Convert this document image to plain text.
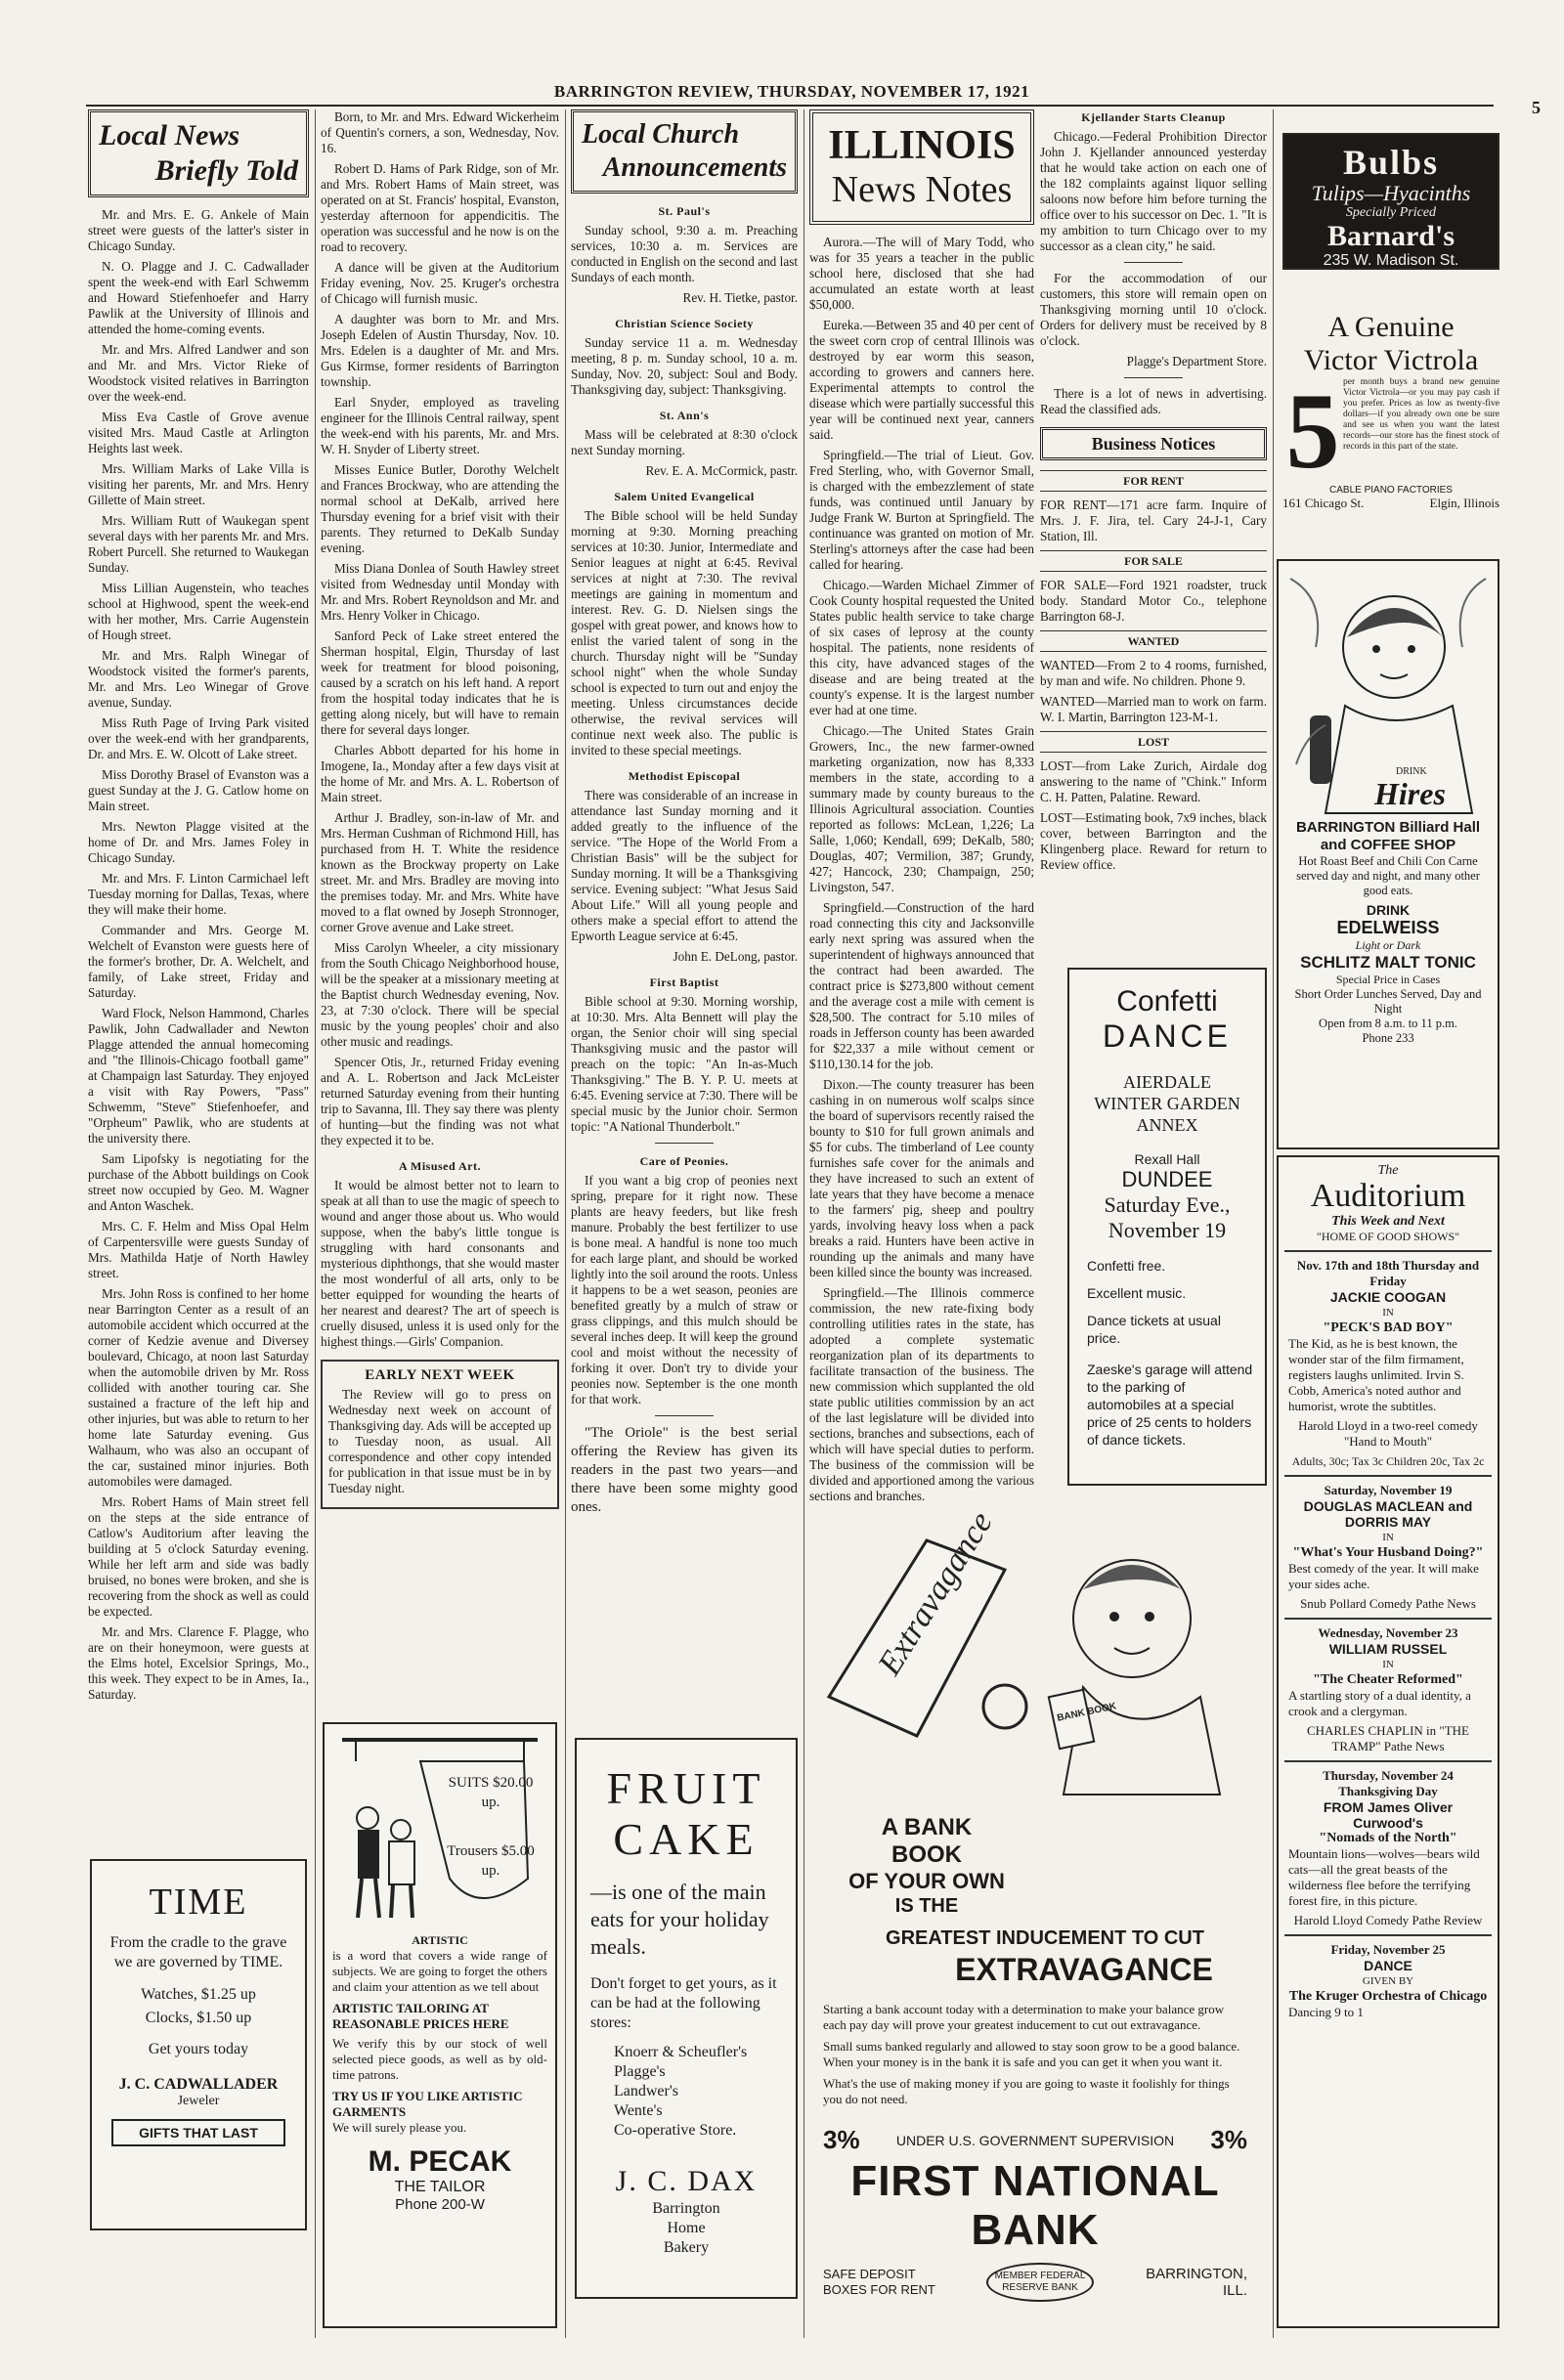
BARRINGTON REVIEW, THURSDAY, NOVEMBER 17, 1921
5
Local News
Briefly Told

Mr. and Mrs. E. G. Ankele of Main street were guests of the latter's sister in Chicago Sunday.

N. O. Plagge and J. C. Cadwallader spent the week-end with Earl Schwemm and Howard Stiefenhoefer and Harry Pawlik at the University of Illinois and attended the home-coming events.

Mr. and Mrs. Alfred Landwer and son and Mr. and Mrs. Victor Rieke of Woodstock visited relatives in Barrington over the week-end.

Miss Eva Castle of Grove avenue visited Mrs. Maud Castle at Arlington Heights last week.

Mrs. William Marks of Lake Villa is visiting her parents, Mr. and Mrs. Henry Gillette of Main street.

Mrs. William Rutt of Waukegan spent several days with her parents Mr. and Mrs. Robert Purcell. She returned to Waukegan Sunday.

Miss Lillian Augenstein, who teaches school at Highwood, spent the week-end with her mother, Mrs. Carrie Augenstein of Hough street.

Mr. and Mrs. Ralph Winegar of Woodstock visited the former's parents, Mr. and Mrs. Leo Winegar of Grove avenue, Sunday.

Miss Ruth Page of Irving Park visited over the week-end with her grandparents, Dr. and Mrs. E. W. Olcott of Lake street.

Miss Dorothy Brasel of Evanston was a guest Sunday at the J. G. Catlow home on Main street.

Mrs. Newton Plagge visited at the home of Dr. and Mrs. James Foley in Chicago Sunday.

Mr. and Mrs. F. Linton Carmichael left Tuesday morning for Dallas, Texas, where they will make their home.

Commander and Mrs. George M. Welchelt of Evanston were guests here of the former's brother, Dr. A. Welchelt, and family, of Lake street, Friday and Saturday.

Ward Flock, Nelson Hammond, Charles Pawlik, John Cadwallader and Newton Plagge attended the annual homecoming and "the Illinois-Chicago football game" at Champaign last Saturday. They enjoyed a visit with Ray Powers, "Pass" Schwemm, "Steve" Stiefenhoefer, and "Orpheum" Pawlik, who are students at the university there.

Sam Lipofsky is negotiating for the purchase of the Abbott buildings on Cook street now occupied by Geo. M. Wagner and Anton Waschek.

Mrs. C. F. Helm and Miss Opal Helm of Carpentersville were guests Sunday of Mrs. Mathilda Hatje of North Hawley street.

Mrs. John Ross is confined to her home near Barrington Center as a result of an automobile accident which occurred at the corner of Kedzie avenue and Diversey boulevard, Chicago, at noon last Saturday when the automobile driven by Mr. Ross collided with another touring car. She sustained a fracture of the left hip and other injuries, but was able to return to her home late Saturday evening. Gus Walhaum, who was also an occupant of the car, sustained minor injuries. Both automobiles were damaged.

Mrs. Robert Hams of Main street fell on the steps at the side entrance of Catlow's Auditorium after leaving the building at 5 o'clock Saturday evening. While her left arm and side was badly bruised, no bones were broken, and she is recovering from the shock as well as could be expected.

Mr. and Mrs. Clarence F. Plagge, who are on their honeymoon, were guests at the Elms hotel, Excelsior Springs, Mo., this week. They expect to be in Ames, Ia., Saturday.

TIME
From the cradle to the grave we are governed by TIME.
Watches, $1.25 up
Clocks, $1.50 up
Get yours today
J. C. CADWALLADER
Jeweler
GIFTS THAT LAST

Born, to Mr. and Mrs. Edward Wickerheim of Quentin's corners, a son, Wednesday, Nov. 16.

Robert D. Hams of Park Ridge, son of Mr. and Mrs. Robert Hams of Main street, was operated on at St. Francis' hospital, Evanston, yesterday afternoon for appendicitis. The operation was successful and he now is on the road to recovery.

A dance will be given at the Auditorium Friday evening, Nov. 25. Kruger's orchestra of Chicago will furnish music.

A daughter was born to Mr. and Mrs. Joseph Edelen of Austin Thursday, Nov. 10. Mrs. Edelen is a daughter of Mr. and Mrs. Gus Kirmse, former residents of Barrington township.

Earl Snyder, employed as traveling engineer for the Illinois Central railway, spent the week-end with his parents, Mr. and Mrs. W. H. Snyder of Liberty street.

Misses Eunice Butler, Dorothy Welchelt and Frances Brockway, who are attending the normal school at DeKalb, arrived here Thursday evening for a brief visit with their parents. They returned to DeKalb Sunday evening.

Miss Diana Donlea of South Hawley street visited from Wednesday until Monday with Mr. and Mrs. Robert Reynoldson and Mr. and Mrs. Henry Volker in Chicago.

Sanford Peck of Lake street entered the Sherman hospital, Elgin, Thursday of last week for treatment for blood poisoning, caused by a scratch on his left hand. A report from the hospital today indicates that he is getting along nicely, but will have to remain there for several days longer.

Charles Abbott departed for his home in Imogene, Ia., Monday after a few days visit at the home of Mr. and Mrs. A. L. Robertson of Main street.

Arthur J. Bradley, son-in-law of Mr. and Mrs. Herman Cushman of Richmond Hill, has purchased from H. T. White the residence known as the Brockway property on Lake street. Mr. and Mrs. Bradley are moving into the premises today. Mr. and Mrs. White have moved to a flat owned by Joseph Stronnoger, corner Grove avenue and Lake street.

Miss Carolyn Wheeler, a city missionary from the South Chicago Neighborhood house, will be the speaker at a missionary meeting at the Baptist church Wednesday evening, Nov. 23, at 7:30 o'clock. There will be special music by the young peoples' choir and also other music and readings.

Spencer Otis, Jr., returned Friday evening and A. L. Robertson and Jack McLeister returned Saturday evening from their hunting trip to Savanna, Ill. They say there was plenty of hunting—but the finding was not what they expected it to be.

A Misused Art.

It would be almost better not to learn to speak at all than to use the magic of speech to wound and anger those about us. Who would suppose, when the baby's little tongue is struggling with hard consonants and mysterious diphthongs, that she would master the most wonderful of all arts, only to be better equipped for wounding the hearts of her nearest and dearest? The art of speech is cruelly disused, unless it is used only for the highest things.—Girls' Companion.

EARLY NEXT WEEK

The Review will go to press on Wednesday next week on account of Thanksgiving day. Ads will be accepted up to Tuesday noon, as usual. All correspondence and other copy intended for publication in that issue must be in by Tuesday night.

SUITS $20.00 up.
Trousers $5.00 up.
ARTISTIC
is a word that covers a wide range of subjects. We are going to forget the others and claim your attention as we tell about
ARTISTIC TAILORING AT REASONABLE PRICES HERE
We verify this by our stock of well selected piece goods, as well as by old-time patrons.
TRY US IF YOU LIKE ARTISTIC GARMENTS
We will surely please you.
M. PECAK
THE TAILOR
Phone 200-W
Local Church
Announcements
St. Paul's

Sunday school, 9:30 a. m. Preaching services, 10:30 a. m. Services are conducted in English on the second and last Sundays of each month.

Rev. H. Tietke, pastor.
Christian Science Society

Sunday service 11 a. m. Wednesday meeting, 8 p. m. Sunday school, 10 a. m. Sunday, Nov. 20, subject: Soul and Body. Thanksgiving day, subject: Thanksgiving.

St. Ann's

Mass will be celebrated at 8:30 o'clock next Sunday morning.

Rev. E. A. McCormick, pastr.
Salem United Evangelical

The Bible school will be held Sunday morning at 9:30. Morning preaching services at 10:30. Junior, Intermediate and Senior leagues at night at 6:45. Revival services at night at 7:30. The revival meetings are gaining in momentum and interest. Rev. G. D. Nielsen sings the gospel with great power, and knows how to enlist the varied talent of song in the church. Thursday night will be "Sunday school night" when the whole Sunday school is expected to turn out and enjoy the meeting. Unless circumstances decide otherwise, the revival services will continue next week also. The public is invited to these special meetings.

Methodist Episcopal

There was considerable of an increase in attendance last Sunday morning and it added greatly to the influence of the service. "The Hope of the World From a Christian Basis" will be the subject for Sunday morning. It will be a Thanksgiving service. Evening subject: "What Jesus Said About Life." Will all young people and others make a special effort to attend the Epworth League service at 6:45.

John E. DeLong, pastor.
First Baptist

Bible school at 9:30. Morning worship, at 10:30. Mrs. Alta Bennett will play the organ, the Senior choir will sing special Thanksgiving music and the pastor will preach on the topic: "An In-as-Much Thanksgiving." The B. Y. P. U. meets at 6:45. Evening service at 7:30. There will be special music by the Junior choir. Sermon topic: "A National Thunderbolt."

Care of Peonies.

If you want a big crop of peonies next spring, prepare for it right now. These plants are heavy feeders, but like fresh manure. Probably the best fertilizer to use is bone meal. A handful is none too much for each large plant, and should be worked lightly into the soil around the roots. Unless it happens to be a wet season, peonies are benefited greatly by a mulch of straw or grass clippings, and this mulch should be several inches deep. It will keep the ground cool and moist without the necessity of forking it over. Don't try to divide your peonies now. September is the one month for that work.

"The Oriole" is the best serial offering the Review has given its readers in the past two years—and there have been some mighty good ones.

FRUIT
CAKE
—is one of the main eats for your holiday meals.
Don't forget to get yours, as it can be had at the following stores:
Knoerr & Scheufler's
Plagge's
Landwer's
Wente's
Co-operative Store.
J. C. DAX
Barrington
Home
Bakery
ILLINOIS
News Notes

Aurora.—The will of Mary Todd, who was for 35 years a teacher in the public school here, disclosed that she had accumulated an estate worth at least $50,000.

Eureka.—Between 35 and 40 per cent of the sweet corn crop of central Illinois was destroyed by ear worm this season, according to growers and canners here. Experimental attempts to control the disease which were partially successful this year will be continued next year, canners said.

Springfield.—The trial of Lieut. Gov. Fred Sterling, who, with Governor Small, is charged with the embezzlement of state funds, was continued until January by Judge Frank W. Burton at Springfield. The continuance was granted on motion of Mr. Sterling's attorneys after the case had been called for hearing.

Chicago.—Warden Michael Zimmer of Cook County hospital requested the United States public health service to take charge of six cases of leprosy at the county hospital. The patients, none residents of this city, have advanced stages of the disease and are being treated at the county's expense. It is the largest number ever had at one time.

Chicago.—The United States Grain Growers, Inc., the new farmer-owned marketing organization, now has 8,333 members in the state, according to a summary made by county bureaus to the Illinois Agricultural association. Counties reported as follows: McLean, 1,226; La Salle, 1,060; Kendall, 699; DeKalb, 580; Douglas, 407; Vermilion, 387; Grundy, 427; Hancock, 230; Champaign, 250; Livingston, 547.

Springfield.—Construction of the hard road connecting this city and Jacksonville early next spring was assured when the superintendent of highways announced that the contract had been awarded. The contract price is $273,800 without cement and the average cost a mile with cement is $28,500. The contract for 5.10 miles of roads in Jefferson county has been awarded for $22,337 a mile without cement or $110,130.14 for the job.

Dixon.—The county treasurer has been cashing in on numerous wolf scalps since the board of supervisors recently raised the bounty to $10 for full grown animals and $5 for cubs. The timberland of Lee county furnishes safe cover for the animals and they have increased to such an extent of late years that they have become a menace to the farmers' pig, sheep and poultry yards, involving heavy loss when a pack breaks a raid. Hunters have been active in rounding up the animals and many have been killed since the bounty was increased.

Springfield.—The Illinois commerce commission, the new rate-fixing body controlling utilities rates in the state, has adopted a complete systematic reorganization plan of its departments to facilitate transaction of the business. The new commission which supplanted the old state public utilities commission by an act of the last legislature will be divided into sections, branches and subsections, each of which will have special duties to perform. The business of the commission will be divided and apportioned among the various sections and branches.

Kjellander Starts Cleanup

Chicago.—Federal Prohibition Director John J. Kjellander announced yesterday that he would take action on each one of the 182 complaints against liquor selling saloons now before him before turning the office over to his successor on Dec. 1. "It is my ambition to turn Chicago over to my successor as a clean city," he said.

For the accommodation of our customers, this store will remain open on Thanksgiving morning until 10 o'clock. Orders for delivery must be received by 8 o'clock.

Plagge's Department Store.

There is a lot of news in advertising. Read the classified ads.

Business Notices
FOR RENT

FOR RENT—171 acre farm. Inquire of Mrs. J. F. Jira, tel. Cary 24-J-1, Cary Station, Ill.

FOR SALE

FOR SALE—Ford 1921 roadster, truck body. Standard Motor Co., telephone Barrington 68-J.

WANTED

WANTED—From 2 to 4 rooms, furnished, by man and wife. No children. Phone 9.

WANTED—Married man to work on farm. W. I. Martin, Barrington 123-M-1.

LOST

LOST—from Lake Zurich, Airdale dog answering to the name of "Chink." Inform C. H. Patten, Palatine. Reward.

LOST—Estimating book, 7x9 inches, black cover, between Barrington and the Klingenberg place. Reward for return to Review office.

Confetti
DANCE
AIERDALE WINTER GARDEN ANNEX
Rexall Hall
DUNDEE
Saturday Eve.,
November 19
Confetti free.
Excellent music.
Dance tickets at usual price.
Zaeske's garage will attend to the parking of automobiles at a special price of 25 cents to holders of dance tickets.
Extravagance
BANK BOOK
A BANK BOOK
OF YOUR OWN
IS THE
GREATEST INDUCEMENT TO CUT
EXTRAVAGANCE

Starting a bank account today with a determination to make your balance grow each pay day will prove your greatest inducement to cut out extravagance.

Small sums banked regularly and allowed to stay soon grow to be a good balance. When your money is in the bank it is safe and you can get it when you want it.

What's the use of making money if you are going to waste it foolishly for things you do not need.

3%	UNDER U.S. GOVERNMENT SUPERVISION 3%
FIRST NATIONAL BANK
SAFE DEPOSIT BOXES FOR RENT
MEMBER FEDERAL RESERVE BANK
BARRINGTON, ILL.
Bulbs
Tulips—Hyacinths
Specially Priced
Barnard's
235 W. Madison St.
A Genuine
Victor Victrola
5 per month buys a brand new genuine Victor Victrola—or you may pay cash if you prefer. Prices as low as twenty-five dollars—if you already own one be sure and see us when you want the latest records—our store has the finest stock of records in this part of the state.
CABLE PIANO FACTORIES
161 Chicago St.	Elgin, Illinois
DRINK
Hires
BARRINGTON Billiard Hall and COFFEE SHOP
Hot Roast Beef and Chili Con Carne served day and night, and many other good eats.
DRINK
EDELWEISS
Light or Dark
SCHLITZ MALT TONIC
Special Price in Cases
Short Order Lunches Served, Day and Night
Open from 8 a.m. to 11 p.m.
Phone 233
The
Auditorium
This Week and Next
"HOME OF GOOD SHOWS"
Nov. 17th and 18th Thursday and Friday
JACKIE COOGAN
IN
"PECK'S BAD BOY"
The Kid, as he is best known, the wonder star of the film firmament, registers laughs unlimited. Irvin S. Cobb, America's noted author and humorist, wrote the subtitles.
Harold Lloyd in a two-reel comedy "Hand to Mouth"
Adults, 30c; Tax 3c Children 20c, Tax 2c
Saturday, November 19
DOUGLAS MACLEAN and DORRIS MAY
IN
"What's Your Husband Doing?"
Best comedy of the year. It will make your sides ache.
Snub Pollard Comedy Pathe News
Wednesday, November 23
WILLIAM RUSSEL
IN
"The Cheater Reformed"
A startling story of a dual identity, a crook and a clergyman.
CHARLES CHAPLIN in "THE TRAMP" Pathe News
Thursday, November 24 Thanksgiving Day
FROM James Oliver Curwood's
"Nomads of the North"
Mountain lions—wolves—bears wild cats—all the great beasts of the wilderness flee before the terrifying forest fire, in this picture.
Harold Lloyd Comedy Pathe Review
Friday, November 25
DANCE
GIVEN BY
The Kruger Orchestra of Chicago
Dancing 9 to 1
